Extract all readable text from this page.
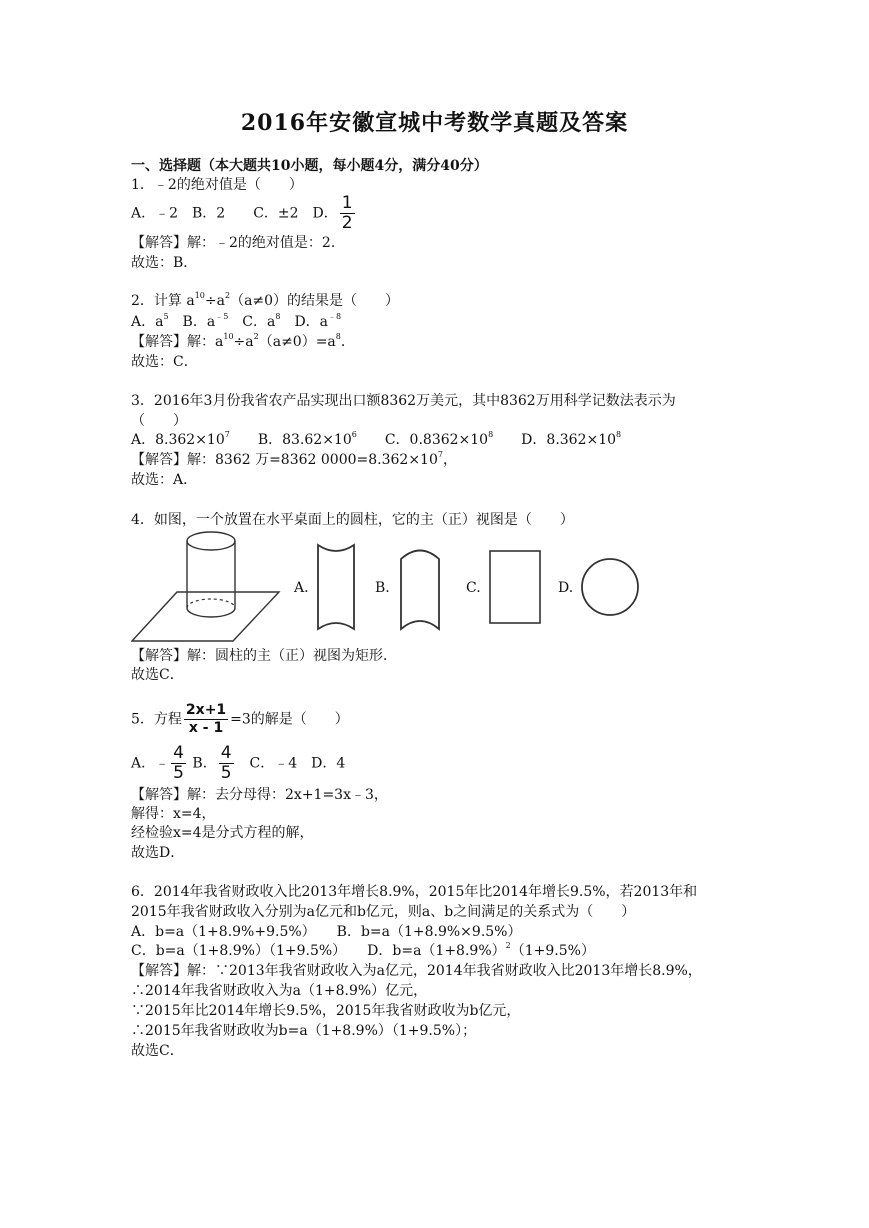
2016年安徽宣城中考数学真题及答案
一、选择题（本大题共10小题，每小题4分，满分40分）
1．﹣2的绝对值是（　　）
A．﹣2　B．2　　C．±2　D． $\frac{1}{2}$
【解答】解：﹣2的绝对值是：2．
故选：B．
2．计算 $a^{10}\div a^2(a\ne 0)$的结果是（　　）
A．$a^5$　B．$a^{﹣5}$　C．$a^8$　D．$a^{﹣8}$
【解答】解：$a^{10}\div a^2(a\ne 0)=a^8$．
故选：C．
3．2016年3月份我省农产品实现出口额8362万美元，其中8362万用科学记数法表示为
（　　）
A．$8.362\times 10^7$　　B．$83.62\times 10^6$　　C．$0.8362\times 10^8$　　D．$8.362\times 10^8$
【解答】解：8362 万=8362 $0000=8.362\times 10^7$，
故选：A．
4．如图，一个放置在水平桌面上的圆柱，它的主（正）视图是（　　）
A.	B.	C.	D.
【解答】解：圆柱的主（正）视图为矩形．
故选C．
5．方程 $\frac{2x+1}{x - 1} =3$的解是（　　）
A．﹣ $\frac{4}{5}$ B． $\frac{4}{5}$ 　C．﹣4　D．4
【解答】解：去分母得：2x+1=3x﹣3，
解得：x=4，
经检验x=4是分式方程的解，
故选D．
6．2014年我省财政收入比2013年增长8.9%，2015年比2014年增长9.5%，若2013年和
2015年我省财政收入分别为a亿元和b亿元，则a、b之间满足的关系式为（　　）
A．b=a（1+8.9%+9.5%）　　B．b=a（1+8.9%×9.5%）
C．b=a（1+8.9%）（1+9.5%）　　D．$b=a(1+8.9\%)^2(1+9.5\%)$
【解答】解：∵2013年我省财政收入为a亿元，2014年我省财政收入比2013年增长8.9%，
∴2014年我省财政收入为a（1+8.9%）亿元，
∵2015年比2014年增长9.5%，2015年我省财政收为b亿元，
∴2015年我省财政收为b=a（1+8.9%）（1+9.5%）；
故选C．
